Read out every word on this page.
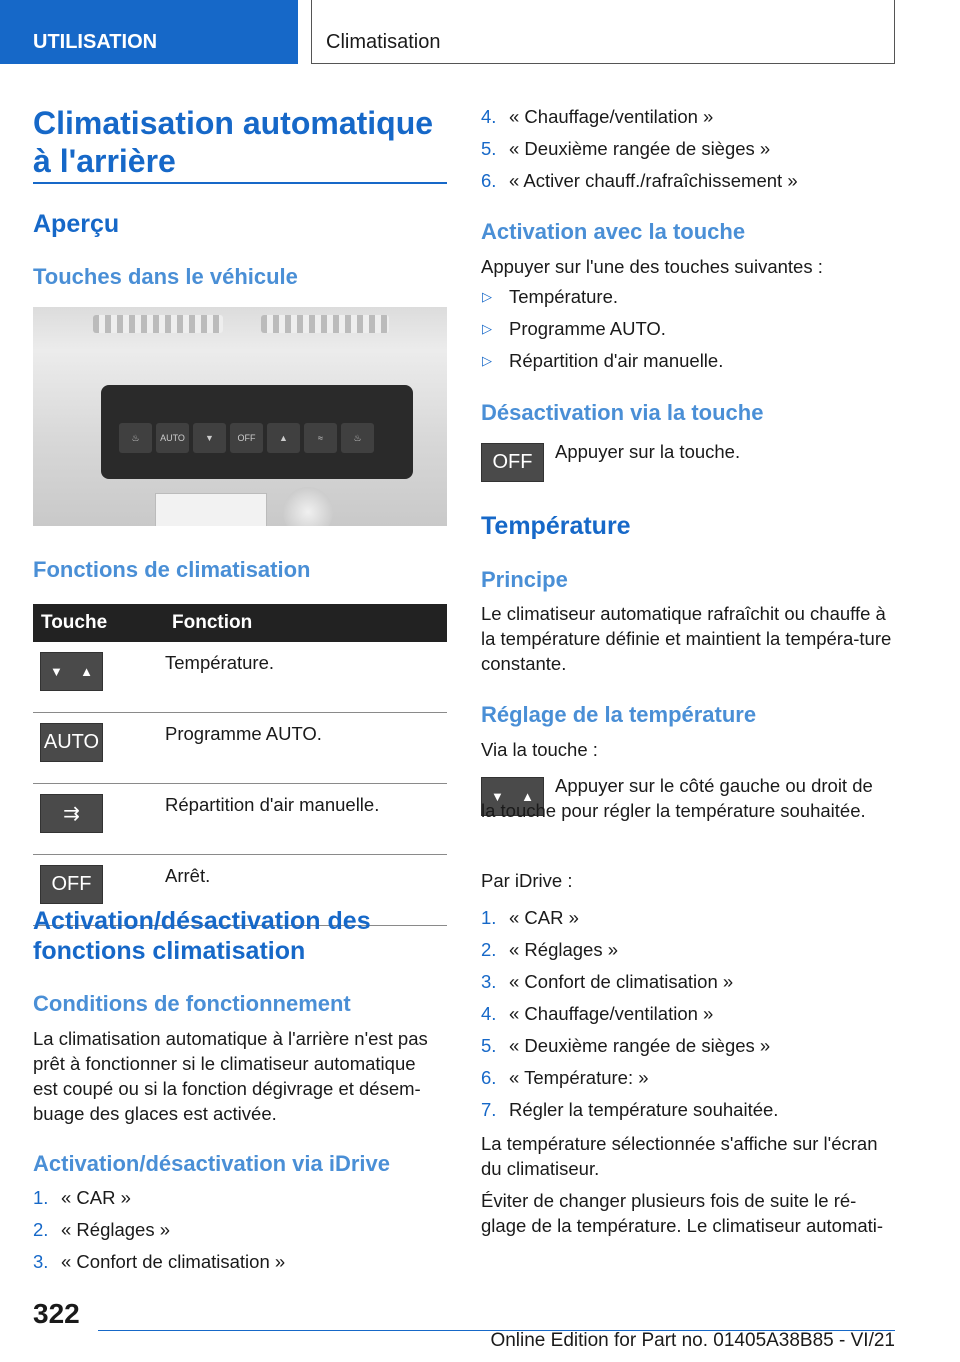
UTILISATION	Climatisation
Climatisation automatique à l'arrière
Aperçu
Touches dans le véhicule
♨	AUTO	▼	OFF	▲	≈	♨
Fonctions de climatisation
Touche	Fonction

▼ ▲	Température.

AUTO	Programme AUTO.

⇉	Répartition d'air manuelle.

OFF	Arrêt.
Activation/désactivation des fonctions climatisation
Conditions de fonctionnement

La climatisation automatique à l'arrière n'est pas prêt à fonctionner si le climatiseur automatique est coupé ou si la fonction dégivrage et désem-buage des glaces est activée.

Activation/désactivation via iDrive
1. « CAR »
2. « Réglages »
3. « Confort de climatisation »
4. « Chauffage/ventilation »
5. « Deuxième rangée de sièges »
6. « Activer chauff./rafraîchissement »
Activation avec la touche

Appuyer sur l'une des touches suivantes :

▷ Température.
▷ Programme AUTO.
▷ Répartition d'air manuelle.
Désactivation via la touche
OFF	Appuyer sur la touche.

Température
Principe

Le climatiseur automatique rafraîchit ou chauffe à la température définie et maintient la tempéra-ture constante.

Réglage de la température

Via la touche :

▼ ▲

Appuyer sur le côté gauche ou droit de la touche pour régler la température souhaitée.

Par iDrive :

1. « CAR »
2. « Réglages »
3. « Confort de climatisation »
4. « Chauffage/ventilation »
5. « Deuxième rangée de sièges »
6. « Température: »
7. Régler la température souhaitée.

La température sélectionnée s'affiche sur l'écran du climatiseur.

Éviter de changer plusieurs fois de suite le ré-glage de la température. Le climatiseur automati-

322
Online Edition for Part no. 01405A38B85 - VI/21
